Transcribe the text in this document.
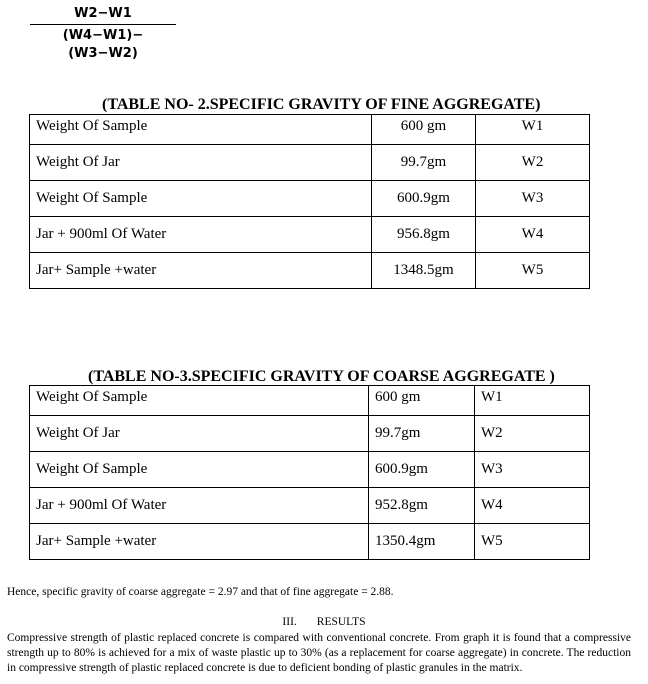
W2−W1
(W4−W1)−(W3−W2)
(TABLE NO- 2.SPECIFIC GRAVITY OF FINE AGGREGATE)
Weight Of Sample	600 gm	W1
Weight Of Jar	99.7gm	W2
Weight Of Sample	600.9gm	W3
Jar + 900ml Of Water	956.8gm	W4
Jar+ Sample +water	1348.5gm	W5
(TABLE NO-3.SPECIFIC GRAVITY OF COARSE AGGREGATE )
Weight Of Sample	600 gm	W1
Weight Of Jar	99.7gm	W2
Weight Of Sample	600.9gm	W3
Jar + 900ml Of Water	952.8gm	W4
Jar+ Sample +water	1350.4gm	W5
Hence, specific gravity of coarse aggregate = 2.97 and that of fine aggregate = 2.88.
III. RESULTS
Compressive strength of plastic replaced concrete is compared with conventional concrete. From graph it is found that a compressive strength up to 80% is achieved for a mix of waste plastic up to 30% (as a replacement for coarse aggregate) in concrete. The reduction in compressive strength of plastic replaced concrete is due to deficient bonding of plastic granules in the matrix.
